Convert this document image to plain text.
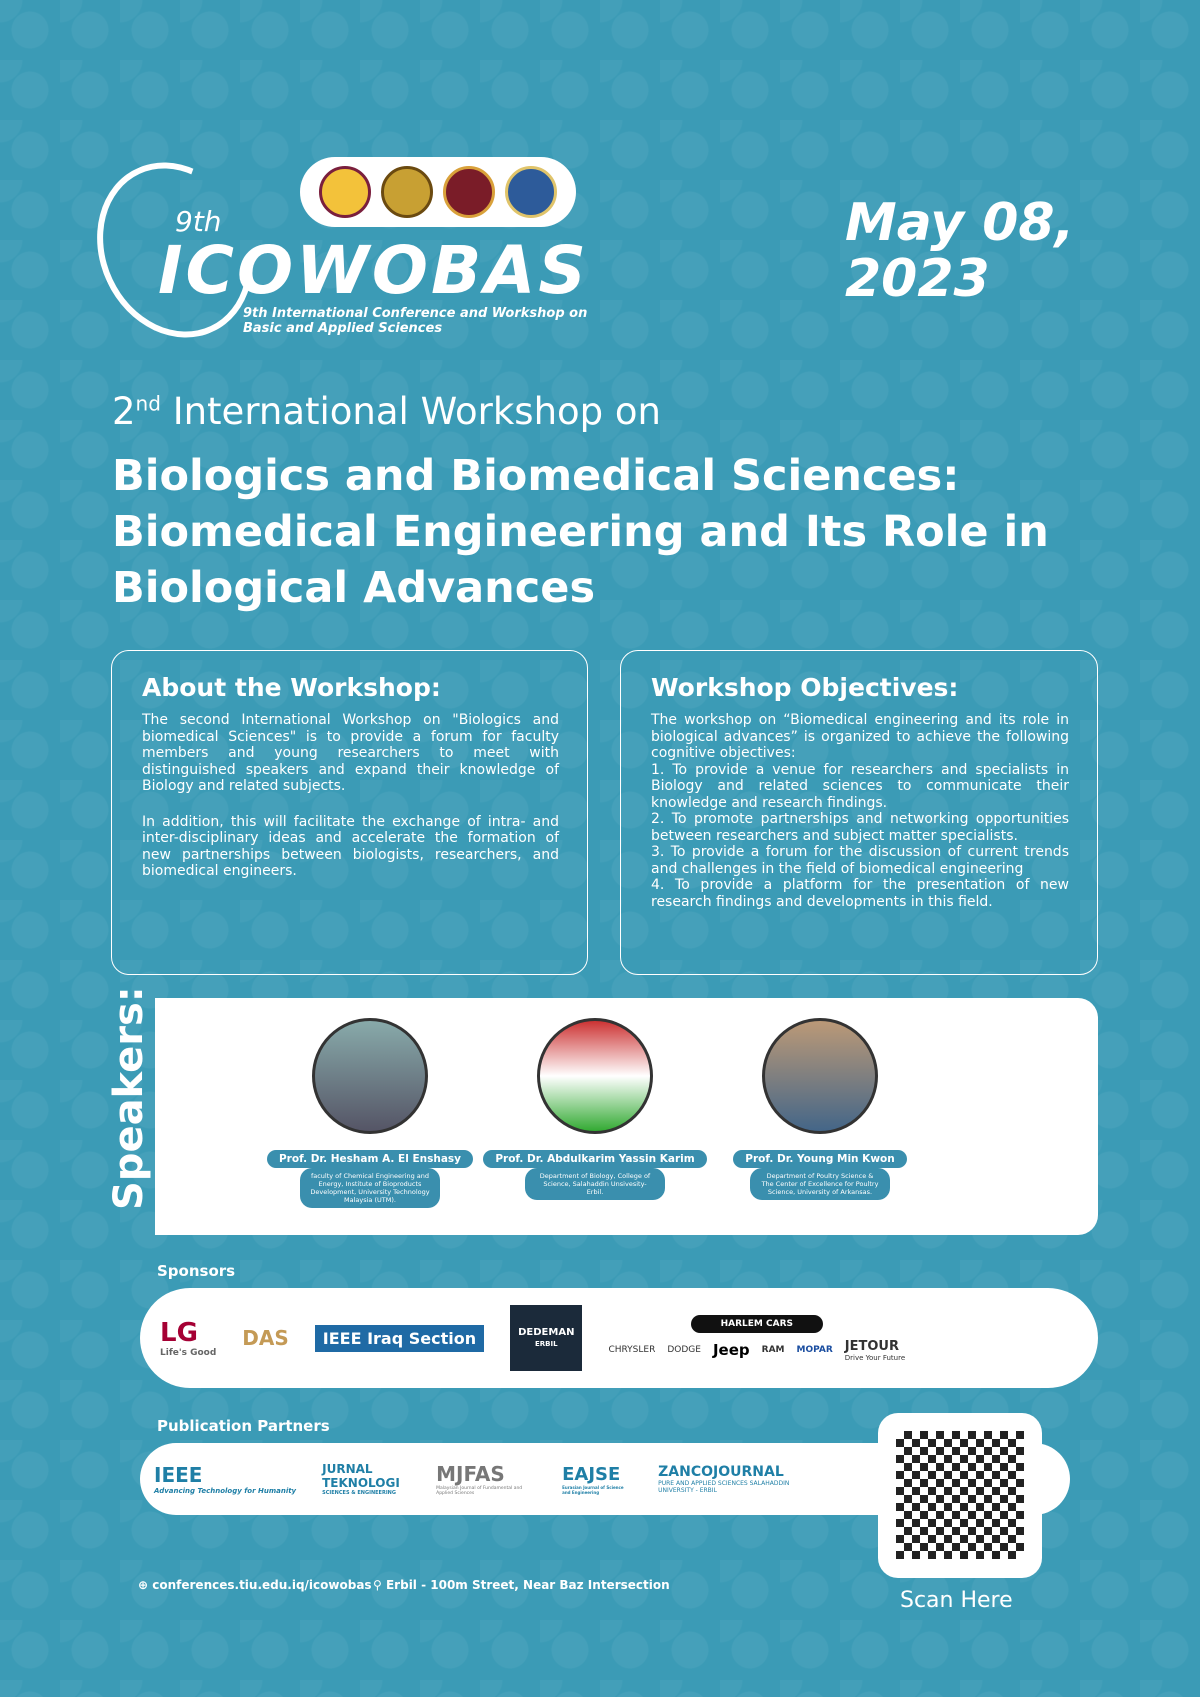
9th
ICOWOBAS
9th International Conference and Workshop on
Basic and Applied Sciences
May 08,
2023
2nd International Workshop on
Biologics and Biomedical Sciences: Biomedical Engineering and Its Role in Biological Advances
About the Workshop:

The second International Workshop on "Biologics and biomedical Sciences" is to provide a forum for faculty members and young researchers to meet with distinguished speakers and expand their knowledge of Biology and related subjects.

In addition, this will facilitate the exchange of intra- and inter-disciplinary ideas and accelerate the formation of new partnerships between biologists, researchers, and biomedical engineers.

Workshop Objectives:

The workshop on “Biomedical engineering and its role in biological advances” is organized to achieve the following cognitive objectives:

1. To provide a venue for researchers and specialists in Biology and related sciences to communicate their knowledge and research findings.

2. To promote partnerships and networking opportunities between researchers and subject matter specialists.

3. To provide a forum for the discussion of current trends and challenges in the field of biomedical engineering

4. To provide a platform for the presentation of new research findings and developments in this field.

Speakers:	Prof. Dr. Hesham A. El Enshasy
faculty of Chemical Engineering and Energy, Institute of Bioproducts Development, University Technology Malaysia (UTM).
Prof. Dr. Abdulkarim Yassin Karim
Department of Biology, College of Science, Salahaddin Unsivesity- Erbil.
Prof. Dr. Young Min Kwon
Department of Poultry Science & The Center of Excellence for Poultry Science, University of Arkansas.
Sponsors
LG
Life's Good
DAS	IEEE Iraq Section	DEDEMAN
ERBIL
HARLEM CARS
CHRYSLER DODGE Jeep RAM MOPAR JETOUR
Drive Your Future
Publication Partners
IEEE
Advancing Technology for Humanity
JURNAL TEKNOLOGI
SCIENCES & ENGINEERING
MJFAS
Malaysian Journal of Fundamental and Applied Sciences
EAJSE
Eurasian Journal of Science and Engineering
ZANCOJOURNAL
PURE AND APPLIED SCIENCES SALAHADDIN UNIVERSITY - ERBIL
Scan Here
⊕ conferences.tiu.edu.iq/icowobas ⚲ Erbil - 100m Street, Near Baz Intersection
